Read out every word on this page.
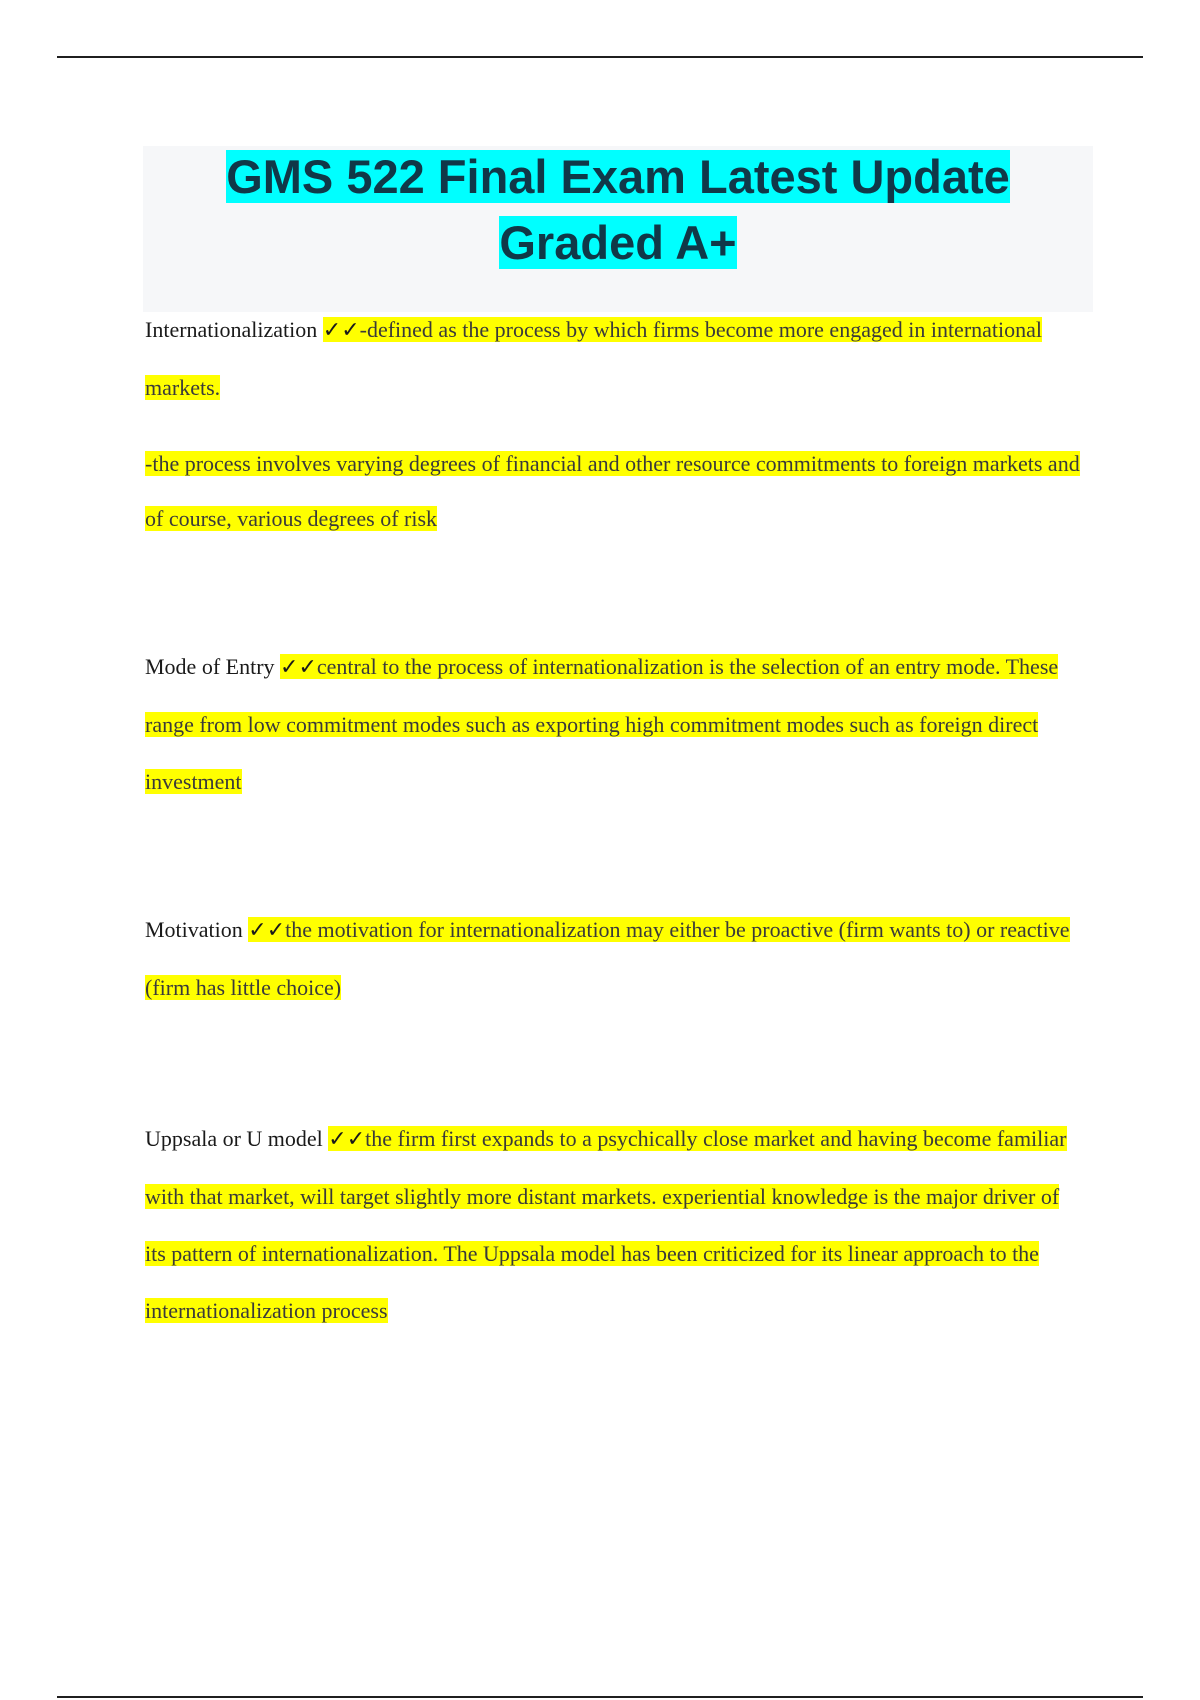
GMS 522 Final Exam Latest Update Graded A+
Internationalization ✓✓-defined as the process by which firms become more engaged in international markets.
-the process involves varying degrees of financial and other resource commitments to foreign markets and of course, various degrees of risk
Mode of Entry ✓✓central to the process of internationalization is the selection of an entry mode. These range from low commitment modes such as exporting high commitment modes such as foreign direct investment
Motivation ✓✓the motivation for internationalization may either be proactive (firm wants to) or reactive (firm has little choice)
Uppsala or U model ✓✓the firm first expands to a psychically close market and having become familiar with that market, will target slightly more distant markets. experiential knowledge is the major driver of its pattern of internationalization. The Uppsala model has been criticized for its linear approach to the internationalization process
